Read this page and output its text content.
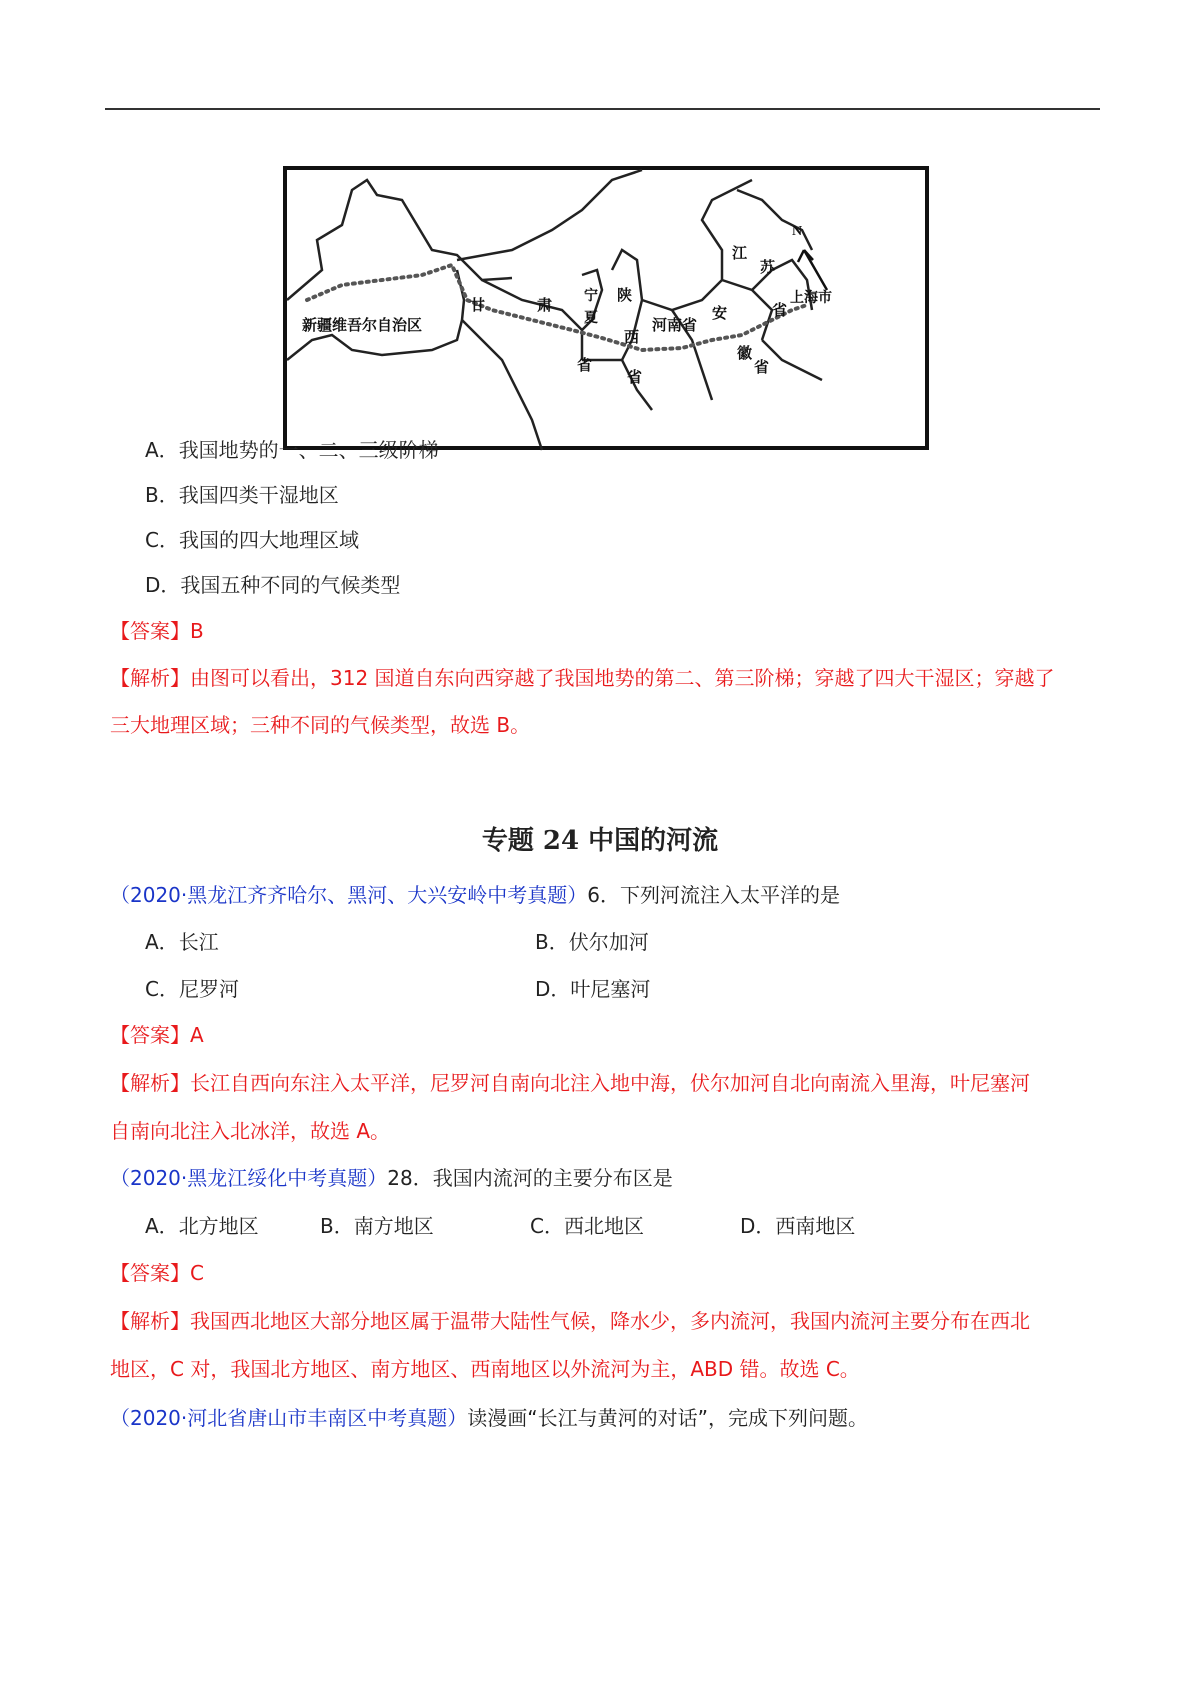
新疆维吾尔自治区
甘	肃
宁
夏
陕
西
省
省
河南省
江
苏
省
安
徽
省
上海市
N
A．我国地势的一、二、三级阶梯
B．我国四类干湿地区
C．我国的四大地理区域
D．我国五种不同的气候类型
【答案】B
【解析】由图可以看出，312 国道自东向西穿越了我国地势的第二、第三阶梯；穿越了四大干湿区；穿越了
三大地理区域；三种不同的气候类型，故选 B。
专题 24 中国的河流
（2020·黑龙江齐齐哈尔、黑河、大兴安岭中考真题）6．下列河流注入太平洋的是
A．长江	B．伏尔加河
C．尼罗河	D．叶尼塞河
【答案】A
【解析】长江自西向东注入太平洋，尼罗河自南向北注入地中海，伏尔加河自北向南流入里海，叶尼塞河
自南向北注入北冰洋，故选 A。
（2020·黑龙江绥化中考真题）28．我国内流河的主要分布区是
A．北方地区	B．南方地区	C．西北地区	D．西南地区
【答案】C
【解析】我国西北地区大部分地区属于温带大陆性气候，降水少，多内流河，我国内流河主要分布在西北
地区，C 对，我国北方地区、南方地区、西南地区以外流河为主，ABD 错。故选 C。
（2020·河北省唐山市丰南区中考真题）读漫画“长江与黄河的对话”，完成下列问题。
